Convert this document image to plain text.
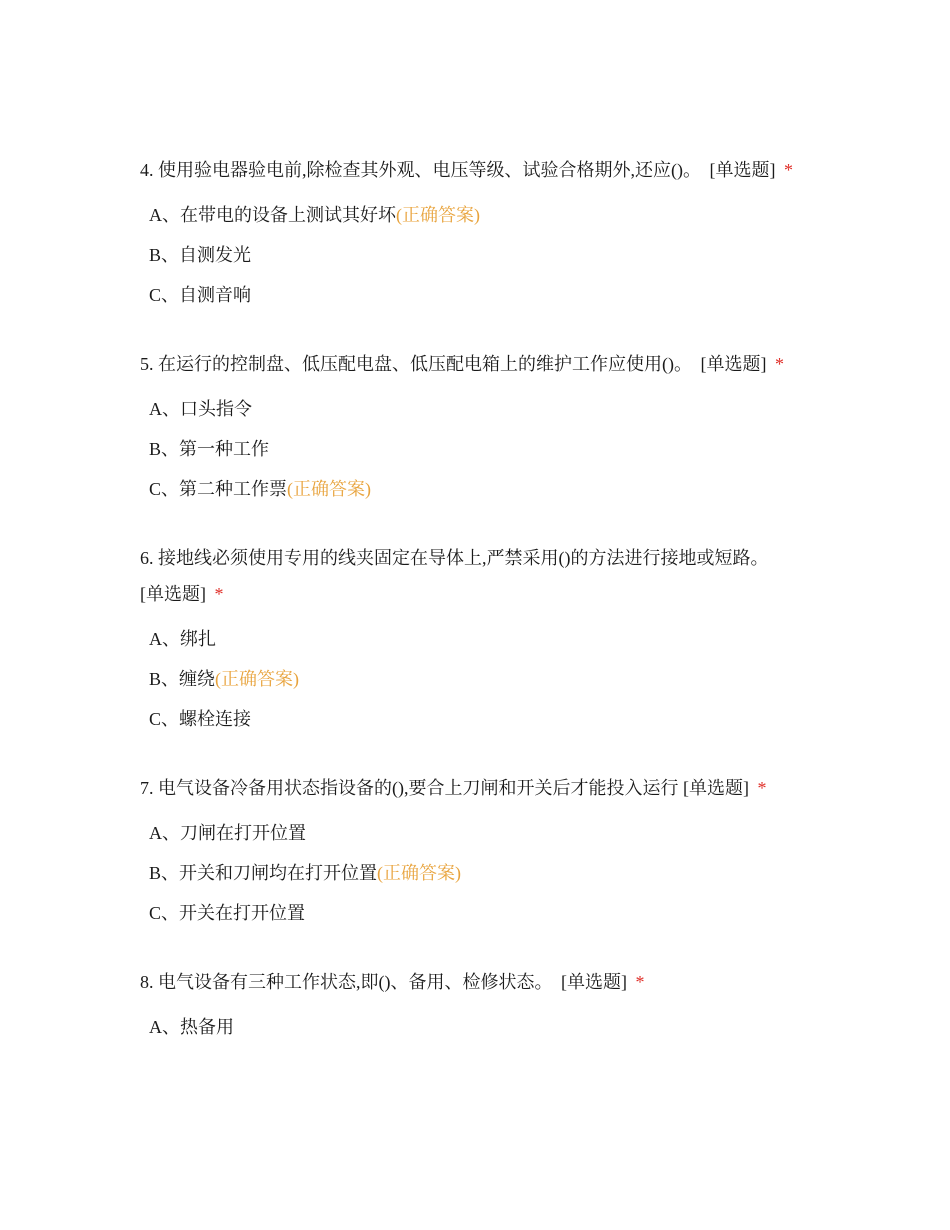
4. 使用验电器验电前,除检查其外观、电压等级、试验合格期外,还应()。 [单选题] *
A、在带电的设备上测试其好坏(正确答案)
B、自测发光
C、自测音响
5. 在运行的控制盘、低压配电盘、低压配电箱上的维护工作应使用()。 [单选题] *
A、口头指令
B、第一种工作
C、第二种工作票(正确答案)
6. 接地线必须使用专用的线夹固定在导体上,严禁采用()的方法进行接地或短路。
[单选题] *
A、绑扎
B、缠绕(正确答案)
C、螺栓连接
7. 电气设备冷备用状态指设备的(),要合上刀闸和开关后才能投入运行 [单选题] *
A、刀闸在打开位置
B、开关和刀闸均在打开位置(正确答案)
C、开关在打开位置
8. 电气设备有三种工作状态,即()、备用、检修状态。 [单选题] *
A、热备用
